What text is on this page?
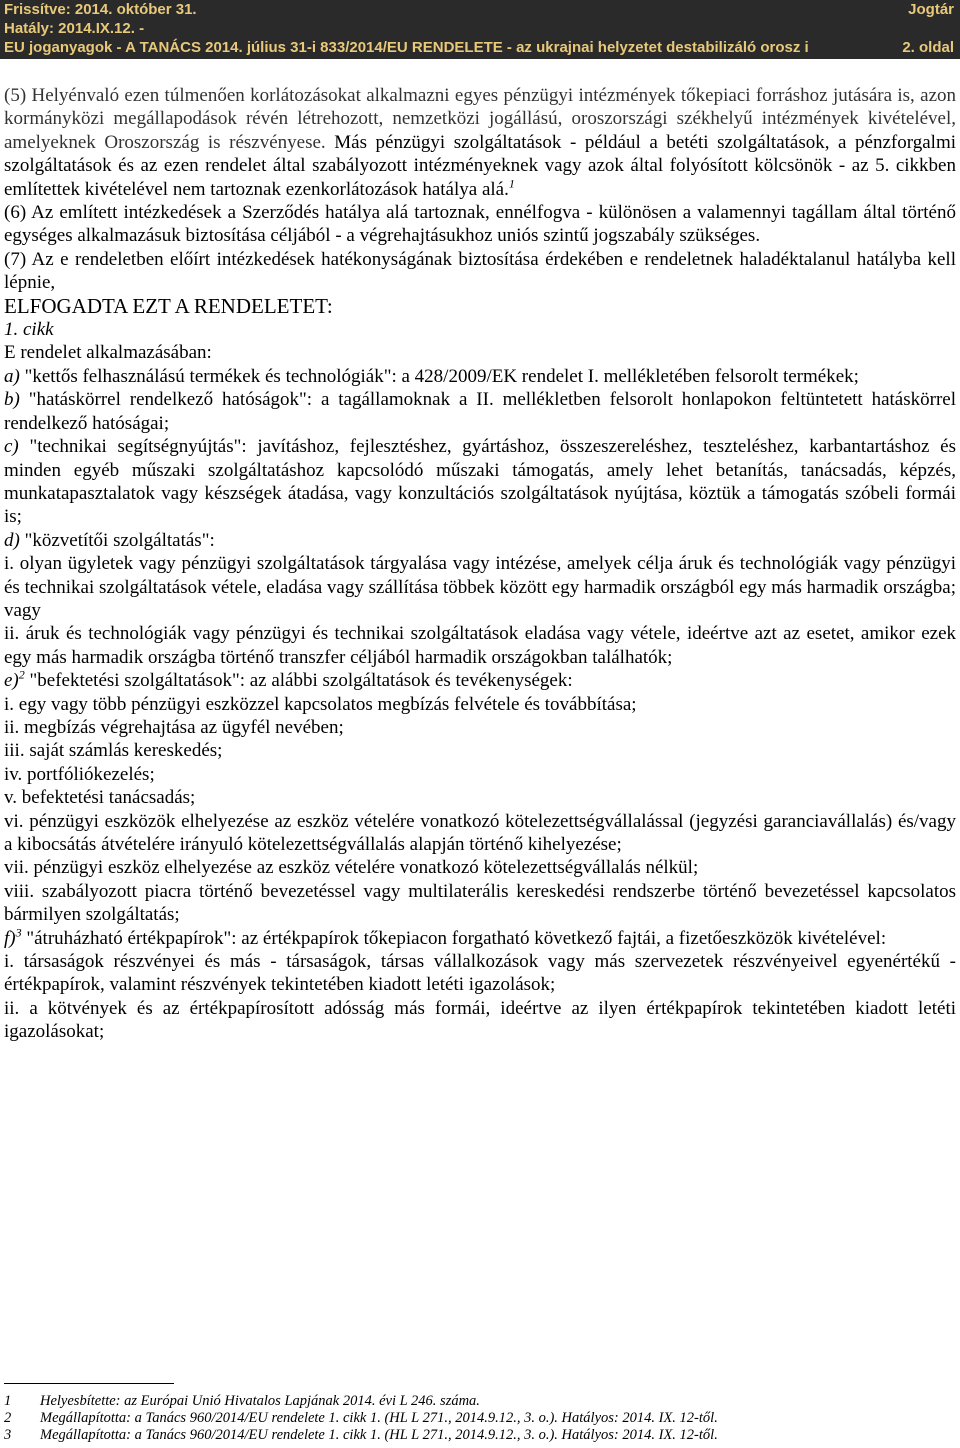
Frissítve: 2014. október 31.
Hatály: 2014.IX.12. -
EU joganyagok - A TANÁCS 2014. július 31-i 833/2014/EU RENDELETE - az ukrajnai helyzetet destabilizáló orosz i
Jogtár
2. oldal

(5) Helyénvaló ezen túlmenően korlátozásokat alkalmazni egyes pénzügyi intézmények tőkepiaci forráshoz jutására is, azon kormányközi megállapodások révén létrehozott, nemzetközi jogállású, oroszországi székhelyű intézmények kivételével, amelyeknek Oroszország is részvényese. Más pénzügyi szolgáltatások - például a betéti szolgáltatások, a pénzforgalmi szolgáltatások és az ezen rendelet által szabályozott intézményeknek vagy azok által folyósított kölcsönök - az 5. cikkben említettek kivételével nem tartoznak ezenkorlátozások hatálya alá.$^1$

(6) Az említett intézkedések a Szerződés hatálya alá tartoznak, ennélfogva - különösen a valamennyi tagállam által történő egységes alkalmazásuk biztosítása céljából - a végrehajtásukhoz uniós szintű jogszabály szükséges.

(7) Az e rendeletben előírt intézkedések hatékonyságának biztosítása érdekében e rendeletnek haladéktalanul hatályba kell lépnie,

ELFOGADTA EZT A RENDELETET:

1. cikk

E rendelet alkalmazásában:

a) "kettős felhasználású termékek és technológiák": a 428/2009/EK rendelet I. mellékletében felsorolt termékek;

b) "hatáskörrel rendelkező hatóságok": a tagállamoknak a II. mellékletben felsorolt honlapokon feltüntetett hatáskörrel rendelkező hatóságai;

c) "technikai segítségnyújtás": javításhoz, fejlesztéshez, gyártáshoz, összeszereléshez, teszteléshez, karbantartáshoz és minden egyéb műszaki szolgáltatáshoz kapcsolódó műszaki támogatás, amely lehet betanítás, tanácsadás, képzés, munkatapasztalatok vagy készségek átadása, vagy konzultációs szolgáltatások nyújtása, köztük a támogatás szóbeli formái is;

d) "közvetítői szolgáltatás":

i. olyan ügyletek vagy pénzügyi szolgáltatások tárgyalása vagy intézése, amelyek célja áruk és technológiák vagy pénzügyi és technikai szolgáltatások vétele, eladása vagy szállítása többek között egy harmadik országból egy más harmadik országba; vagy

ii. áruk és technológiák vagy pénzügyi és technikai szolgáltatások eladása vagy vétele, ideértve azt az esetet, amikor ezek egy más harmadik országba történő transzfer céljából harmadik országokban találhatók;

e)$^2$ "befektetési szolgáltatások": az alábbi szolgáltatások és tevékenységek:

i. egy vagy több pénzügyi eszközzel kapcsolatos megbízás felvétele és továbbítása;

ii. megbízás végrehajtása az ügyfél nevében;

iii. saját számlás kereskedés;

iv. portfóliókezelés;

v. befektetési tanácsadás;

vi. pénzügyi eszközök elhelyezése az eszköz vételére vonatkozó kötelezettségvállalással (jegyzési garanciavállalás) és/vagy a kibocsátás átvételére irányuló kötelezettségvállalás alapján történő kihelyezése;

vii. pénzügyi eszköz elhelyezése az eszköz vételére vonatkozó kötelezettségvállalás nélkül;

viii. szabályozott piacra történő bevezetéssel vagy multilaterális kereskedési rendszerbe történő bevezetéssel kapcsolatos bármilyen szolgáltatás;

f)$^3$ "átruházható értékpapírok": az értékpapírok tőkepiacon forgatható következő fajtái, a fizetőeszközök kivételével:

i. társaságok részvényei és más - társaságok, társas vállalkozások vagy más szervezetek részvényeivel egyenértékű - értékpapírok, valamint részvények tekintetében kiadott letéti igazolások;

ii. a kötvények és az értékpapírosított adósság más formái, ideértve az ilyen értékpapírok tekintetében kiadott letéti igazolásokat;

1 Helyesbítette: az Európai Unió Hivatalos Lapjának 2014. évi L 246. száma.
2 Megállapította: a Tanács 960/2014/EU rendelete 1. cikk 1. (HL L 271., 2014.9.12., 3. o.). Hatályos: 2014. IX. 12-től.
3 Megállapította: a Tanács 960/2014/EU rendelete 1. cikk 1. (HL L 271., 2014.9.12., 3. o.). Hatályos: 2014. IX. 12-től.
